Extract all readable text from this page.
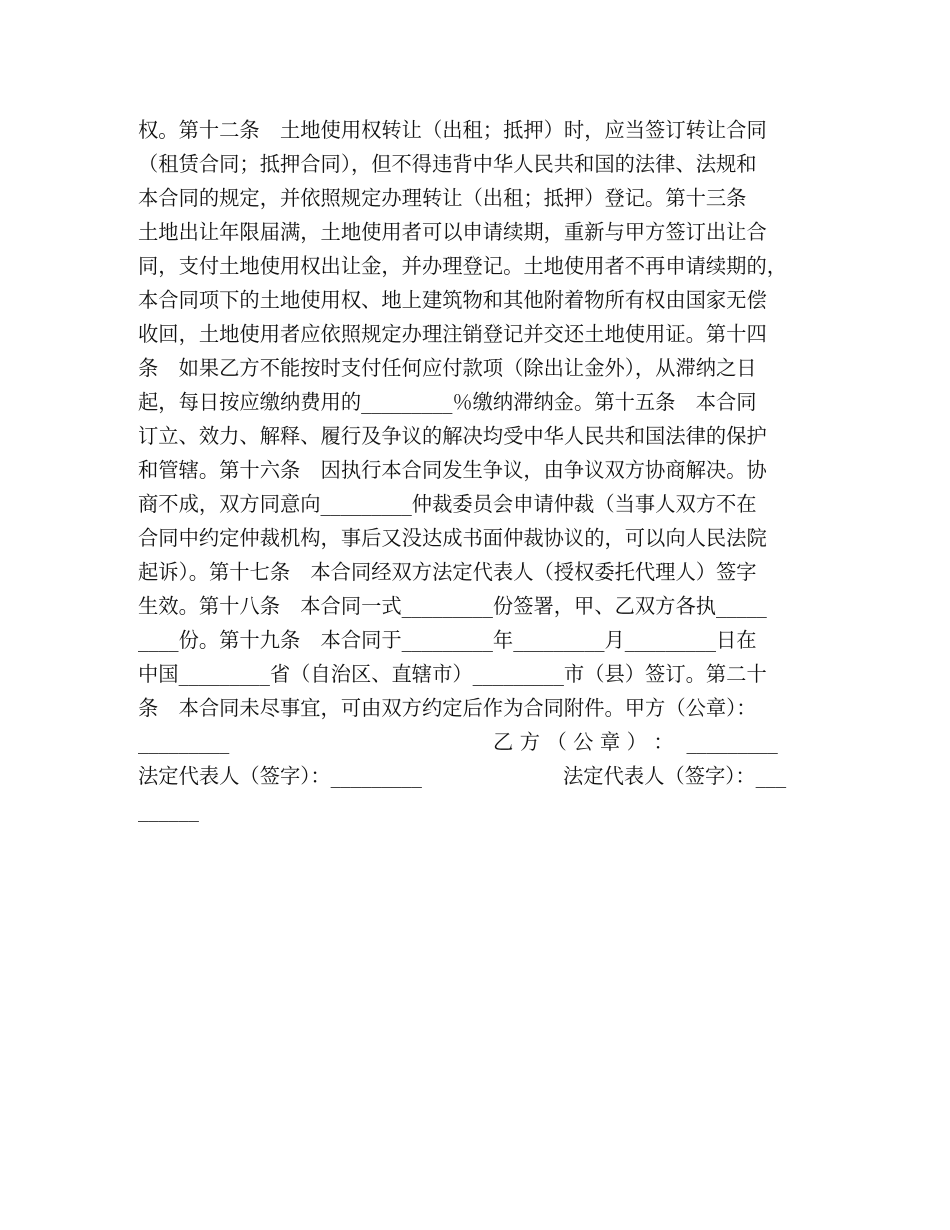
权。第十二条　土地使用权转让（出租；抵押）时，应当签订转让合同
（租赁合同；抵押合同），但不得违背中华人民共和国的法律、法规和
本合同的规定，并依照规定办理转让（出租；抵押）登记。第十三条
土地出让年限届满，土地使用者可以申请续期，重新与甲方签订出让合
同，支付土地使用权出让金，并办理登记。土地使用者不再申请续期的，
本合同项下的土地使用权、地上建筑物和其他附着物所有权由国家无偿
收回，土地使用者应依照规定办理注销登记并交还土地使用证。第十四
条　如果乙方不能按时支付任何应付款项（除出让金外），从滞纳之日
起，每日按应缴纳费用的_________％缴纳滞纳金。第十五条　本合同
订立、效力、解释、履行及争议的解决均受中华人民共和国法律的保护
和管辖。第十六条　因执行本合同发生争议，由争议双方协商解决。协
商不成，双方同意向_________仲裁委员会申请仲裁（当事人双方不在
合同中约定仲裁机构，事后又没达成书面仲裁协议的，可以向人民法院
起诉）。第十七条　本合同经双方法定代表人（授权委托代理人）签字
生效。第十八条　本合同一式_________份签署，甲、乙双方各执_____
____份。第十九条　本合同于_________年_________月_________日在
中国_________省（自治区、直辖市）_________市（县）签订。第二十
条　本合同未尽事宜，可由双方约定后作为合同附件。甲方（公章）：

_________

	乙 方 （ 公 章 ） ：  _________

法定代表人（签字）：_________

	法定代表人（签字）：___

______
